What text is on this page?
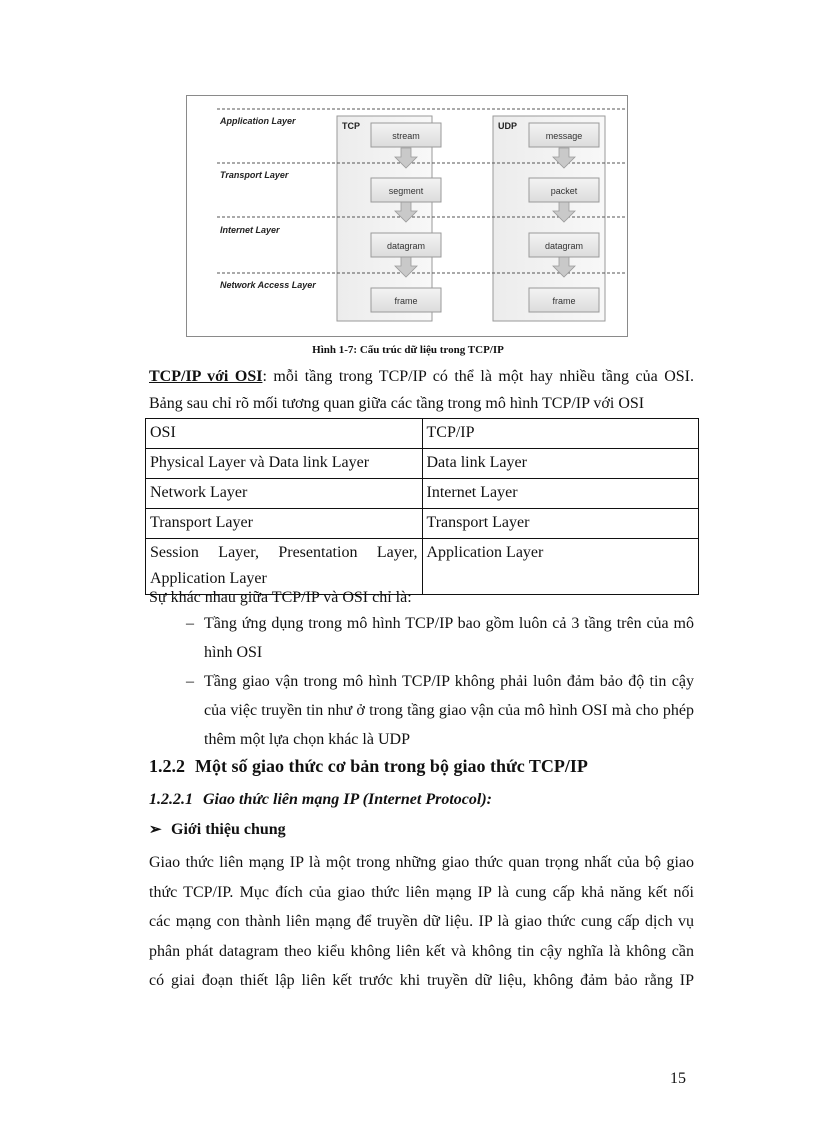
Application Layer
Transport Layer
Internet Layer
Network Access Layer
TCP	UDP
stream
segment
datagram
frame
message
packet
datagram
frame
Hình 1-7: Cấu trúc dữ liệu trong TCP/IP
TCP/IP với OSI: mỗi tầng trong TCP/IP có thể là một hay nhiều tầng của OSI.
Bảng sau chỉ rõ mối tương quan giữa các tầng trong mô hình TCP/IP với OSI
OSI	TCP/IP
Physical Layer và Data link Layer	Data link Layer
Network Layer	Internet Layer
Transport Layer	Transport Layer
Session Layer, Presentation Layer, Application Layer	Application Layer
Sự khác nhau giữa TCP/IP và OSI chỉ là:
– Tầng ứng dụng trong mô hình TCP/IP bao gồm luôn cả 3 tầng trên của mô hình OSI
– Tầng giao vận trong mô hình TCP/IP không phải luôn đảm bảo độ tin cậy của việc truyền tin như ở trong tầng giao vận của mô hình OSI mà cho phép thêm một lựa chọn khác là UDP
1.2.2 Một số giao thức cơ bản trong bộ giao thức TCP/IP
1.2.2.1 Giao thức liên mạng IP (Internet Protocol):
➢ Giới thiệu chung
Giao thức liên mạng IP là một trong những giao thức quan trọng nhất của bộ giao
thức TCP/IP. Mục đích của giao thức liên mạng IP là cung cấp khả năng kết nối
các mạng con thành liên mạng để truyền dữ liệu. IP là giao thức cung cấp dịch vụ
phân phát datagram theo kiểu không liên kết và không tin cậy nghĩa là không cần
có giai đoạn thiết lập liên kết trước khi truyền dữ liệu, không đảm bảo rằng IP
15
